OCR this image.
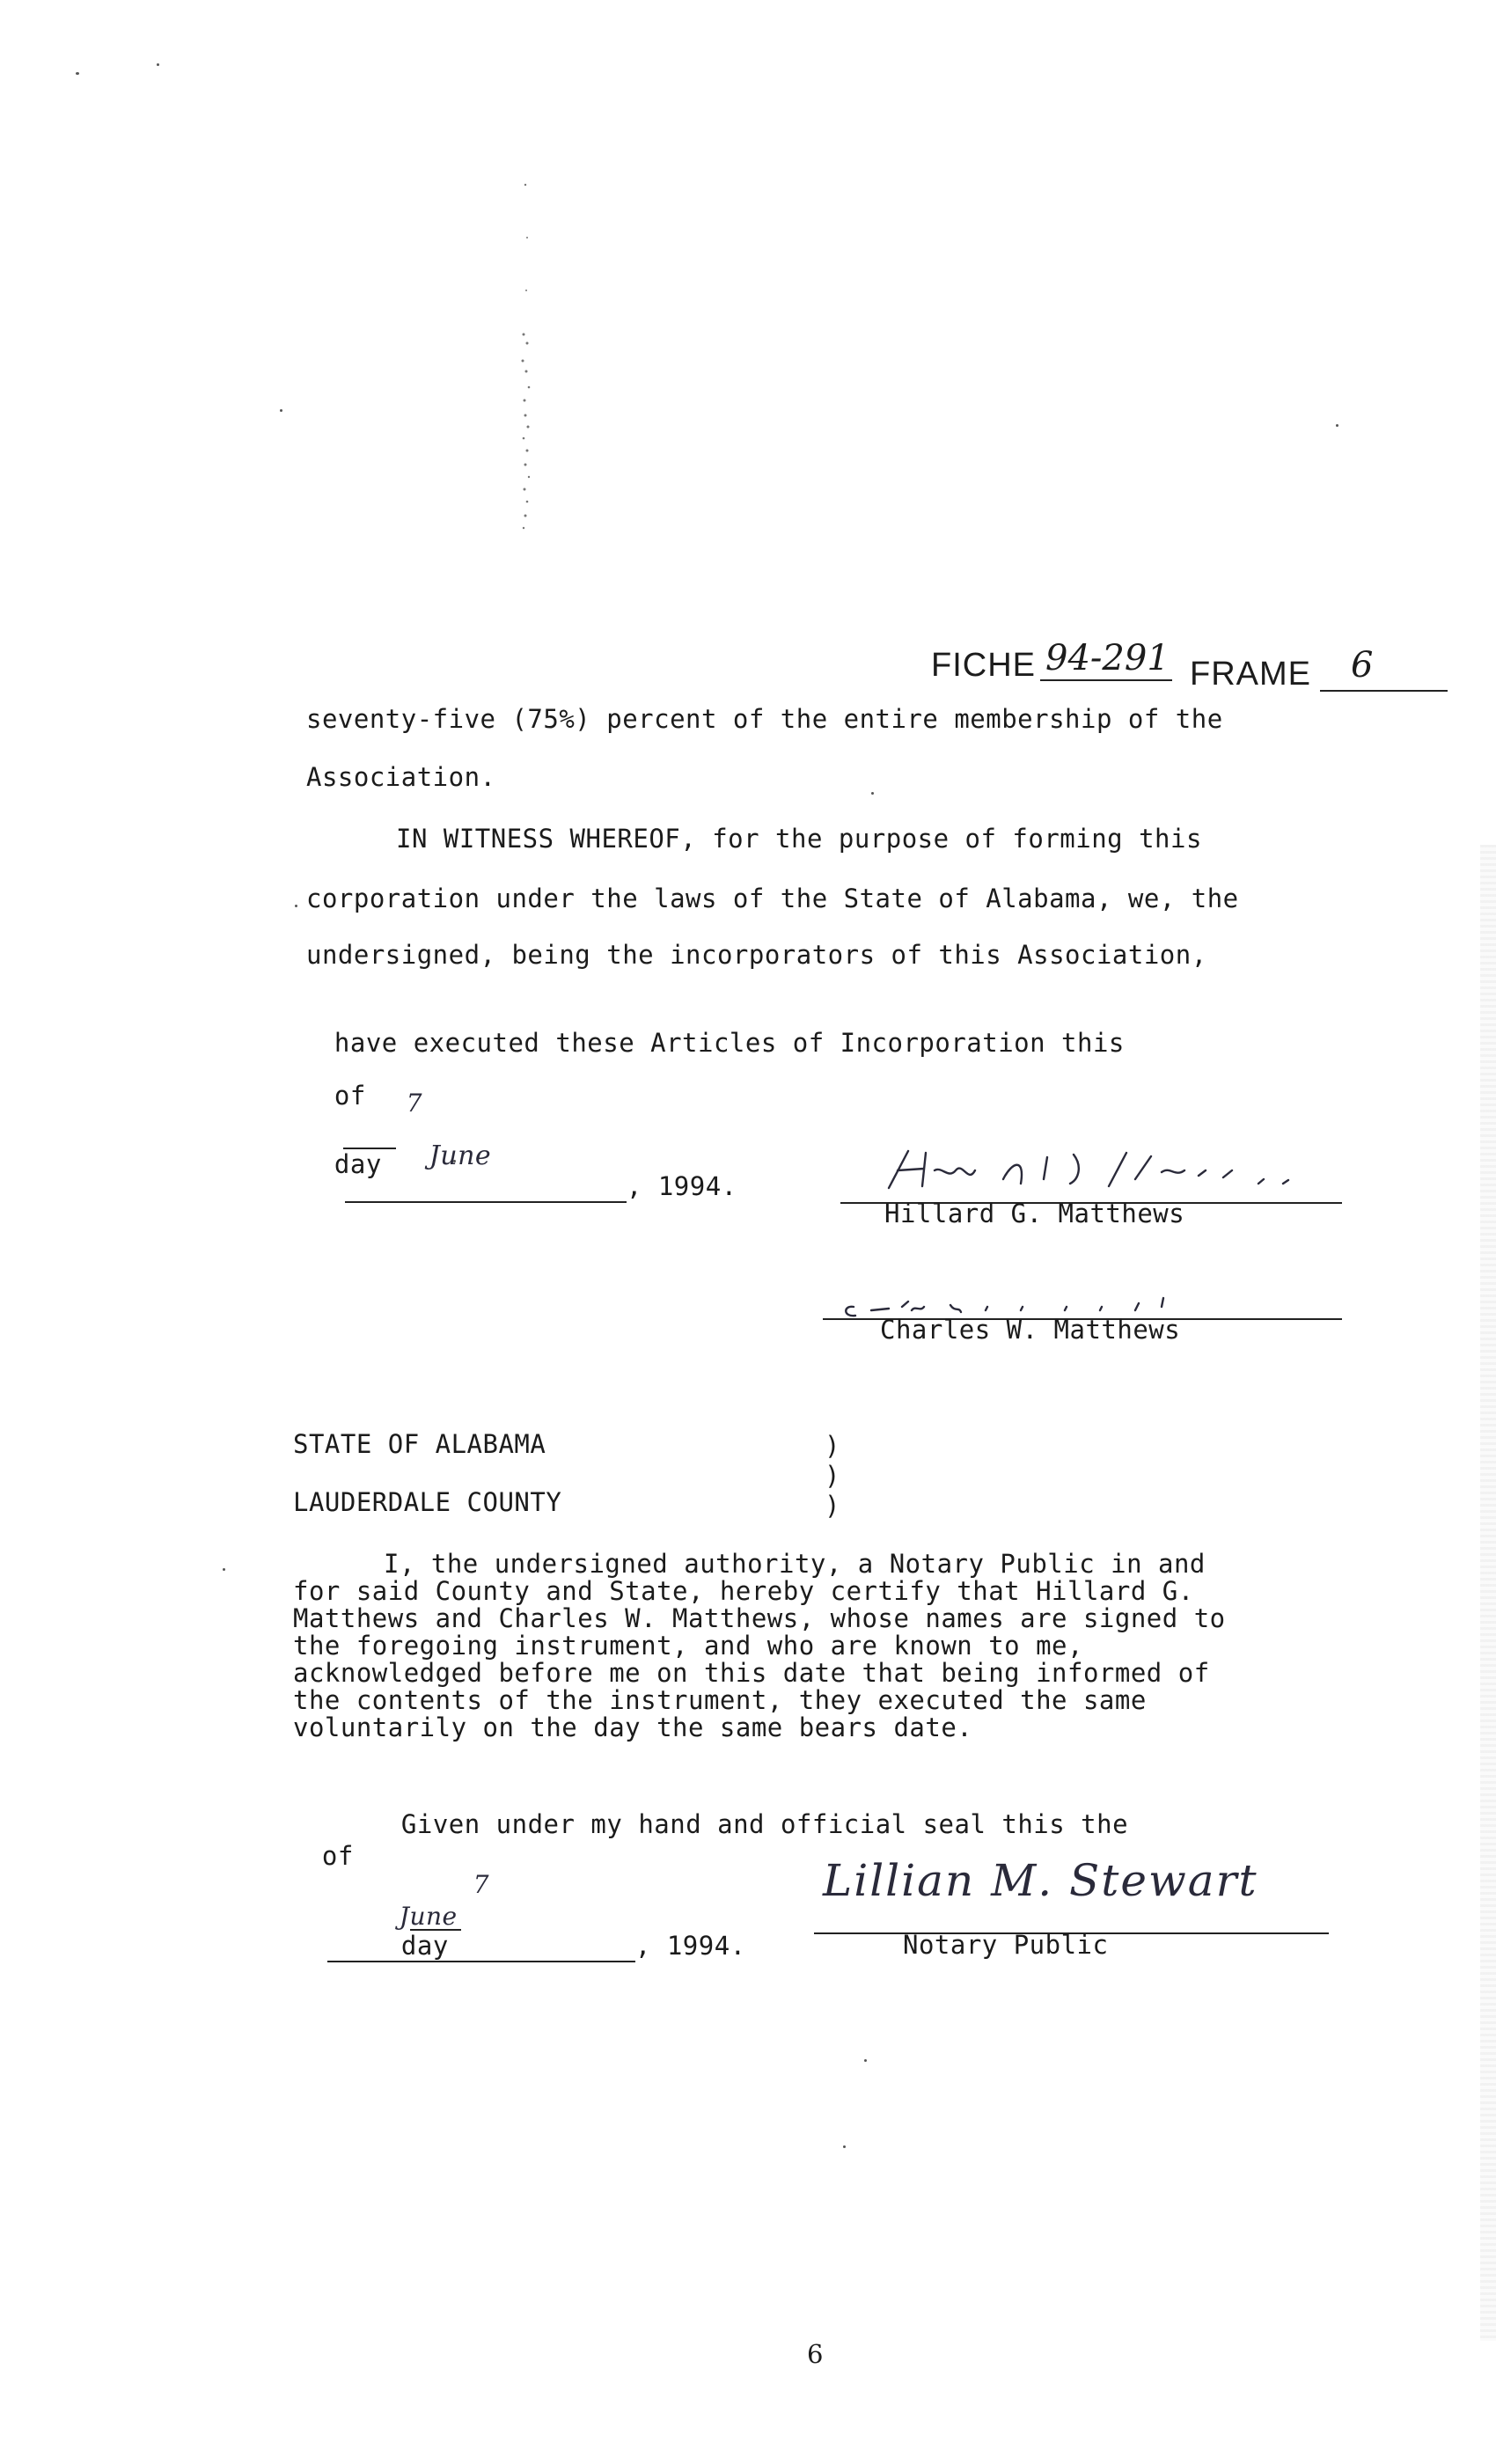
FICHE 94-291 FRAME 6
seventy-five (75%) percent of the entire membership of the
Association.
IN WITNESS WHEREOF, for the purpose of forming this
corporation under the laws of the State of Alabama, we, the
undersigned, being the incorporators of this Association,

have executed these Articles of Incorporation this

7

day

of

June
, 1994.

Hillard G. Matthews
Charles W. Matthews
STATE OF ALABAMA
LAUDERDALE COUNTY
)
)
)
I, the undersigned authority, a Notary Public in and
for said County and State, hereby certify that Hillard G.
Matthews and Charles W. Matthews, whose names are signed to
the foregoing instrument, and who are known to me,
acknowledged before me on this date that being informed of
the contents of the instrument, they executed the same
voluntarily on the day the same bears date.

Given under my hand and official seal this the

7

day

of

June
, 1994.

Lillian M. Stewart
Notary Public
6
